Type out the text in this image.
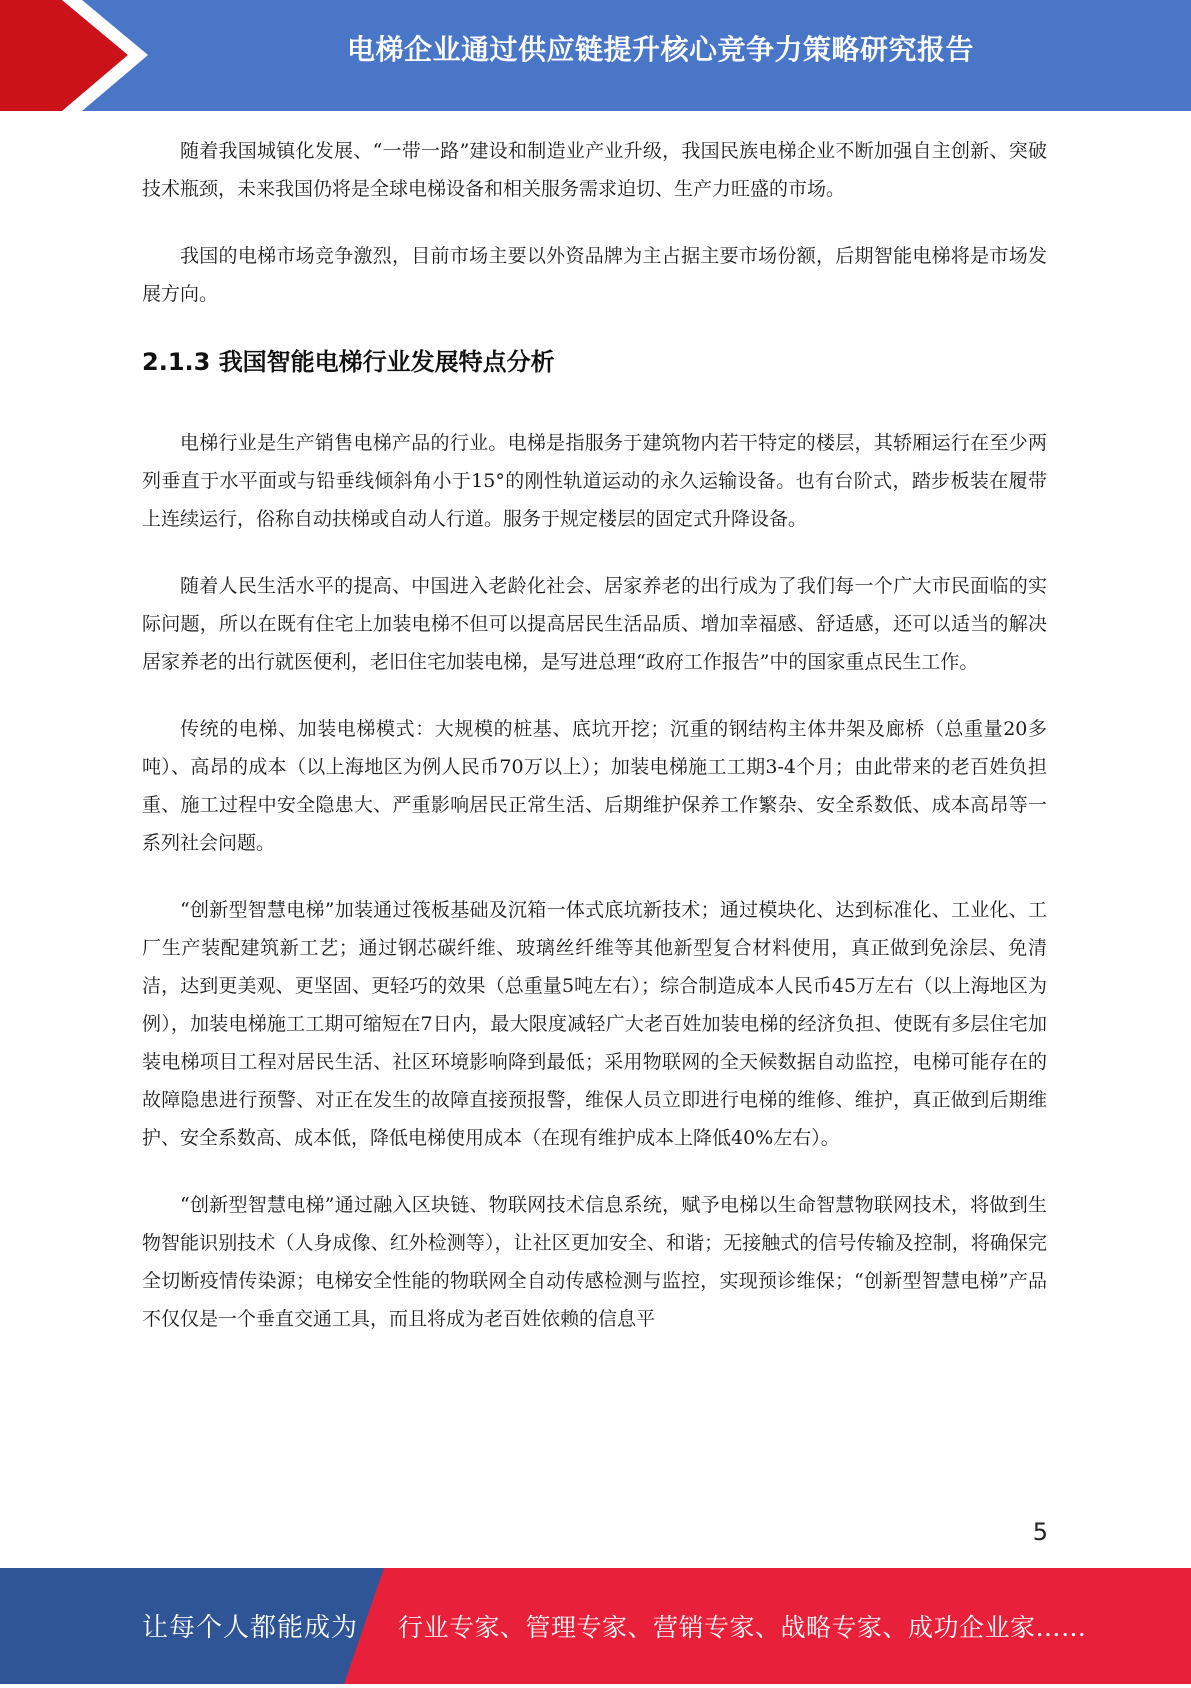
电梯企业通过供应链提升核心竞争力策略研究报告

随着我国城镇化发展、“一带一路”建设和制造业产业升级，我国民族电梯企业不断加强自主创新、突破技术瓶颈，未来我国仍将是全球电梯设备和相关服务需求迫切、生产力旺盛的市场。

我国的电梯市场竞争激烈，目前市场主要以外资品牌为主占据主要市场份额，后期智能电梯将是市场发展方向。

2.1.3 我国智能电梯行业发展特点分析

电梯行业是生产销售电梯产品的行业。电梯是指服务于建筑物内若干特定的楼层，其轿厢运行在至少两列垂直于水平面或与铅垂线倾斜角小于15°的刚性轨道运动的永久运输设备。也有台阶式，踏步板装在履带上连续运行，俗称自动扶梯或自动人行道。服务于规定楼层的固定式升降设备。

随着人民生活水平的提高、中国进入老龄化社会、居家养老的出行成为了我们每一个广大市民面临的实际问题，所以在既有住宅上加装电梯不但可以提高居民生活品质、增加幸福感、舒适感，还可以适当的解决居家养老的出行就医便利，老旧住宅加装电梯，是写进总理“政府工作报告”中的国家重点民生工作。

传统的电梯、加装电梯模式：大规模的桩基、底坑开挖；沉重的钢结构主体井架及廊桥（总重量20多吨）、高昂的成本（以上海地区为例人民币70万以上）；加装电梯施工工期3-4个月；由此带来的老百姓负担重、施工过程中安全隐患大、严重影响居民正常生活、后期维护保养工作繁杂、安全系数低、成本高昂等一系列社会问题。

“创新型智慧电梯”加装通过筏板基础及沉箱一体式底坑新技术；通过模块化、达到标准化、工业化、工厂生产装配建筑新工艺；通过钢芯碳纤维、玻璃丝纤维等其他新型复合材料使用，真正做到免涂层、免清洁，达到更美观、更坚固、更轻巧的效果（总重量5吨左右）；综合制造成本人民币45万左右（以上海地区为例），加装电梯施工工期可缩短在7日内，最大限度减轻广大老百姓加装电梯的经济负担、使既有多层住宅加装电梯项目工程对居民生活、社区环境影响降到最低；采用物联网的全天候数据自动监控，电梯可能存在的故障隐患进行预警、对正在发生的故障直接预报警，维保人员立即进行电梯的维修、维护，真正做到后期维护、安全系数高、成本低，降低电梯使用成本（在现有维护成本上降低40%左右）。

“创新型智慧电梯”通过融入区块链、物联网技术信息系统，赋予电梯以生命智慧物联网技术，将做到生物智能识别技术（人身成像、红外检测等），让社区更加安全、和谐；无接触式的信号传输及控制，将确保完全切断疫情传染源；电梯安全性能的物联网全自动传感检测与监控，实现预诊维保；“创新型智慧电梯”产品不仅仅是一个垂直交通工具，而且将成为老百姓依赖的信息平

5
让每个人都能成为 行业专家、管理专家、营销专家、战略专家、成功企业家……
